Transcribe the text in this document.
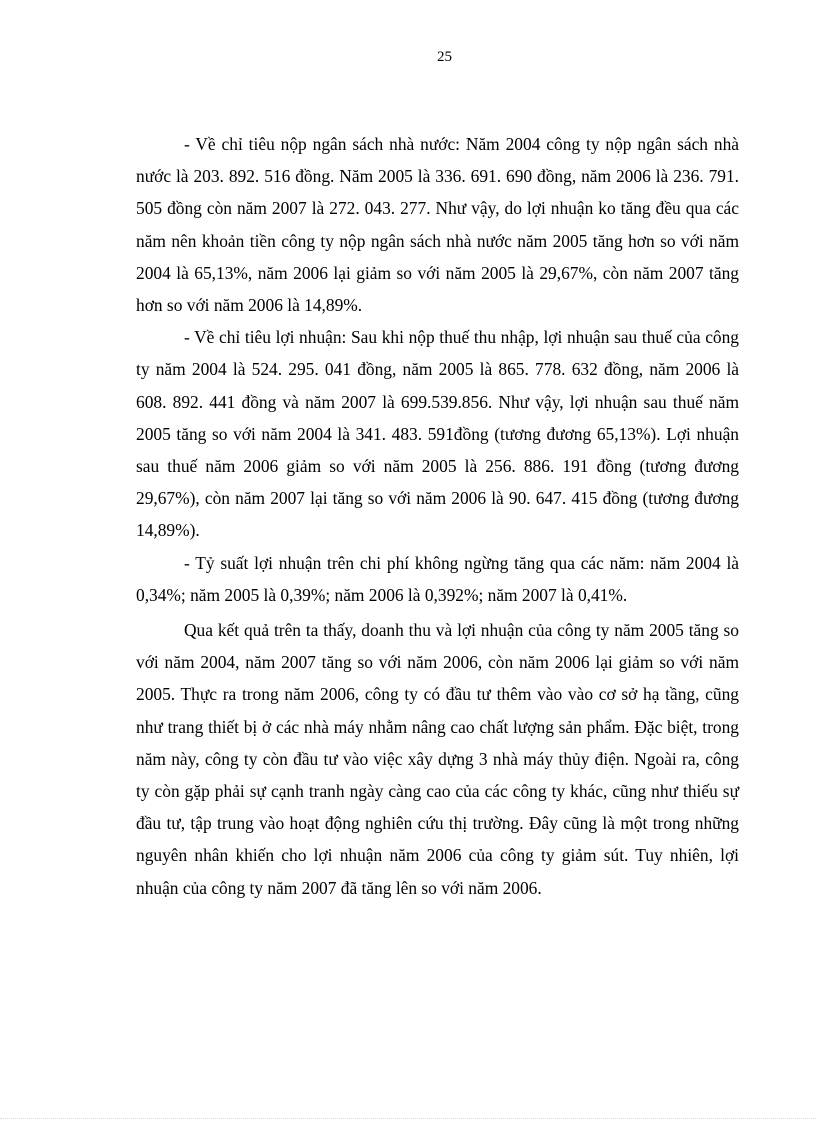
25

- Về chỉ tiêu nộp ngân sách nhà nước: Năm 2004 công ty nộp ngân sách nhà nước là 203. 892. 516 đồng. Năm 2005 là 336. 691. 690 đồng, năm 2006 là 236. 791. 505 đồng còn năm 2007 là 272. 043. 277. Như vậy, do lợi nhuận ko tăng đều qua các năm nên khoản tiền công ty nộp ngân sách nhà nước năm 2005 tăng hơn so với năm 2004 là 65,13%, năm 2006 lại giảm so với năm 2005 là 29,67%, còn năm 2007 tăng hơn so với năm 2006 là 14,89%.

- Về chỉ tiêu lợi nhuận: Sau khi nộp thuế thu nhập, lợi nhuận sau thuế của công ty năm 2004 là 524. 295. 041 đồng, năm 2005 là 865. 778. 632 đồng, năm 2006 là 608. 892. 441 đồng và năm 2007 là 699.539.856. Như vậy, lợi nhuận sau thuế năm 2005 tăng so với năm 2004 là 341. 483. 591đồng (tương đương 65,13%). Lợi nhuận sau thuế năm 2006 giảm so với năm 2005 là 256. 886. 191 đồng (tương đương 29,67%), còn năm 2007 lại tăng so với năm 2006 là 90. 647. 415 đồng (tương đương 14,89%).

- Tỷ suất lợi nhuận trên chi phí không ngừng tăng qua các năm: năm 2004 là 0,34%; năm 2005 là 0,39%; năm 2006 là 0,392%; năm 2007 là 0,41%.

Qua kết quả trên ta thấy, doanh thu và lợi nhuận của công ty năm 2005 tăng so với năm 2004, năm 2007 tăng so với năm 2006, còn năm 2006 lại giảm so với năm 2005. Thực ra trong năm 2006, công ty có đầu tư thêm vào vào cơ sở hạ tầng, cũng như trang thiết bị ở các nhà máy nhằm nâng cao chất lượng sản phẩm. Đặc biệt, trong năm này, công ty còn đầu tư vào việc xây dựng 3 nhà máy thủy điện. Ngoài ra, công ty còn gặp phải sự cạnh tranh ngày càng cao của các công ty khác, cũng như thiếu sự đầu tư, tập trung vào hoạt động nghiên cứu thị trường. Đây cũng là một trong những nguyên nhân khiến cho lợi nhuận năm 2006 của công ty giảm sút. Tuy nhiên, lợi nhuận của công ty năm 2007 đã tăng lên so với năm 2006.
